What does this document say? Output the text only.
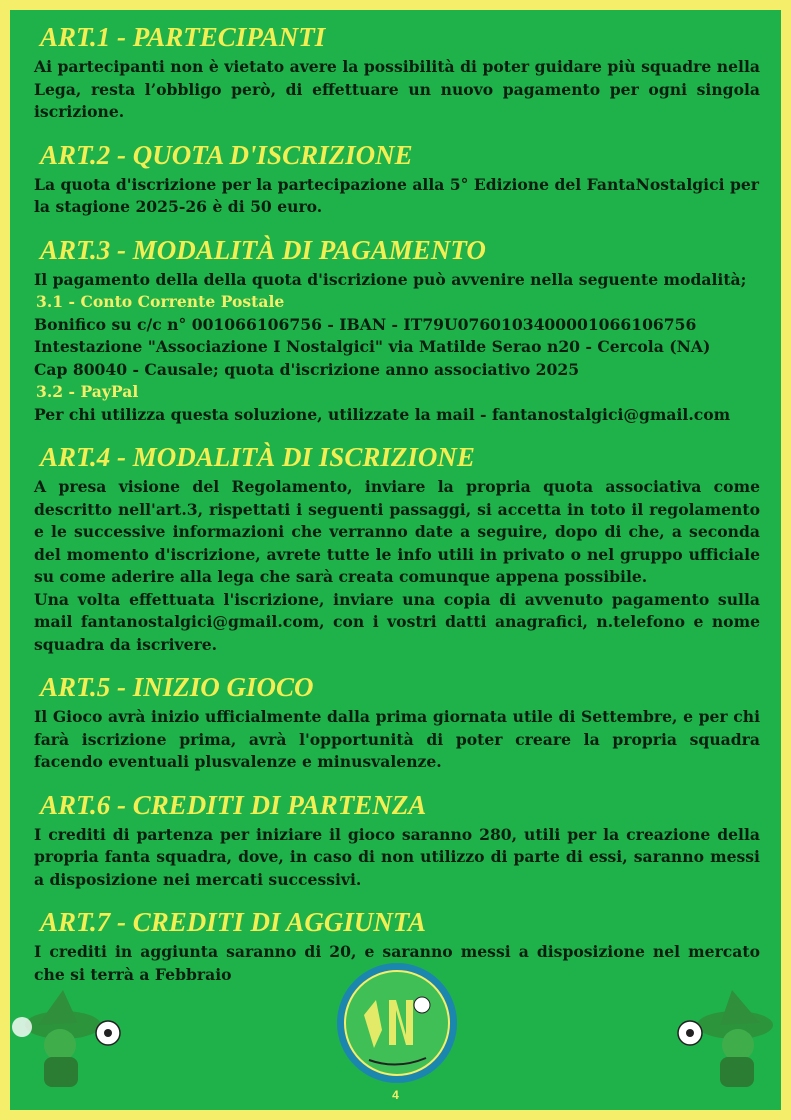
ART.1 - PARTECIPANTI

Ai partecipanti non è vietato avere la possibilità di poter guidare più squadre nella Lega, resta l’obbligo però, di effettuare un nuovo pagamento per ogni singola iscrizione.

ART.2 - QUOTA D'ISCRIZIONE

La quota d'iscrizione per la partecipazione alla 5° Edizione del FantaNostalgici per la stagione 2025-26 è di 50 euro.

ART.3 - MODALITÀ DI PAGAMENTO

Il pagamento della della quota d'iscrizione può avvenire nella seguente modalità;

3.1 - Conto Corrente Postale

Bonifico su c/c n° 001066106756 - IBAN - IT79U0760103400001066106756

Intestazione "Associazione I Nostalgici" via Matilde Serao n20 - Cercola (NA)

Cap 80040 - Causale; quota d'iscrizione anno associativo 2025

3.2 - PayPal

Per chi utilizza questa soluzione, utilizzate la mail - fantanostalgici@gmail.com

ART.4 - MODALITÀ DI ISCRIZIONE

A presa visione del Regolamento, inviare la propria quota associativa come descritto nell'art.3, rispettati i seguenti passaggi, si accetta in toto il regolamento e le successive informazioni che verranno date a seguire, dopo di che, a seconda del momento d'iscrizione, avrete tutte le info utili in privato o nel gruppo ufficiale su come aderire alla lega che sarà creata comunque appena possibile.

Una volta effettuata l'iscrizione, inviare una copia di avvenuto pagamento sulla mail fantanostalgici@gmail.com, con i vostri datti anagrafici, n.telefono e nome squadra da iscrivere.

ART.5 - INIZIO GIOCO

Il Gioco avrà inizio ufficialmente dalla prima giornata utile di Settembre, e per chi farà iscrizione prima, avrà l'opportunità di poter creare la propria squadra facendo eventuali plusvalenze e minusvalenze.

ART.6 - CREDITI DI PARTENZA

I crediti di partenza per iniziare il gioco saranno 280, utili per la creazione della propria fanta squadra, dove, in caso di non utilizzo di parte di essi, saranno messi a disposizione nei mercati successivi.

ART.7 - CREDITI DI AGGIUNTA

I crediti in aggiunta saranno di 20, e saranno messi a disposizione nel mercato che si terrà a Febbraio

4
